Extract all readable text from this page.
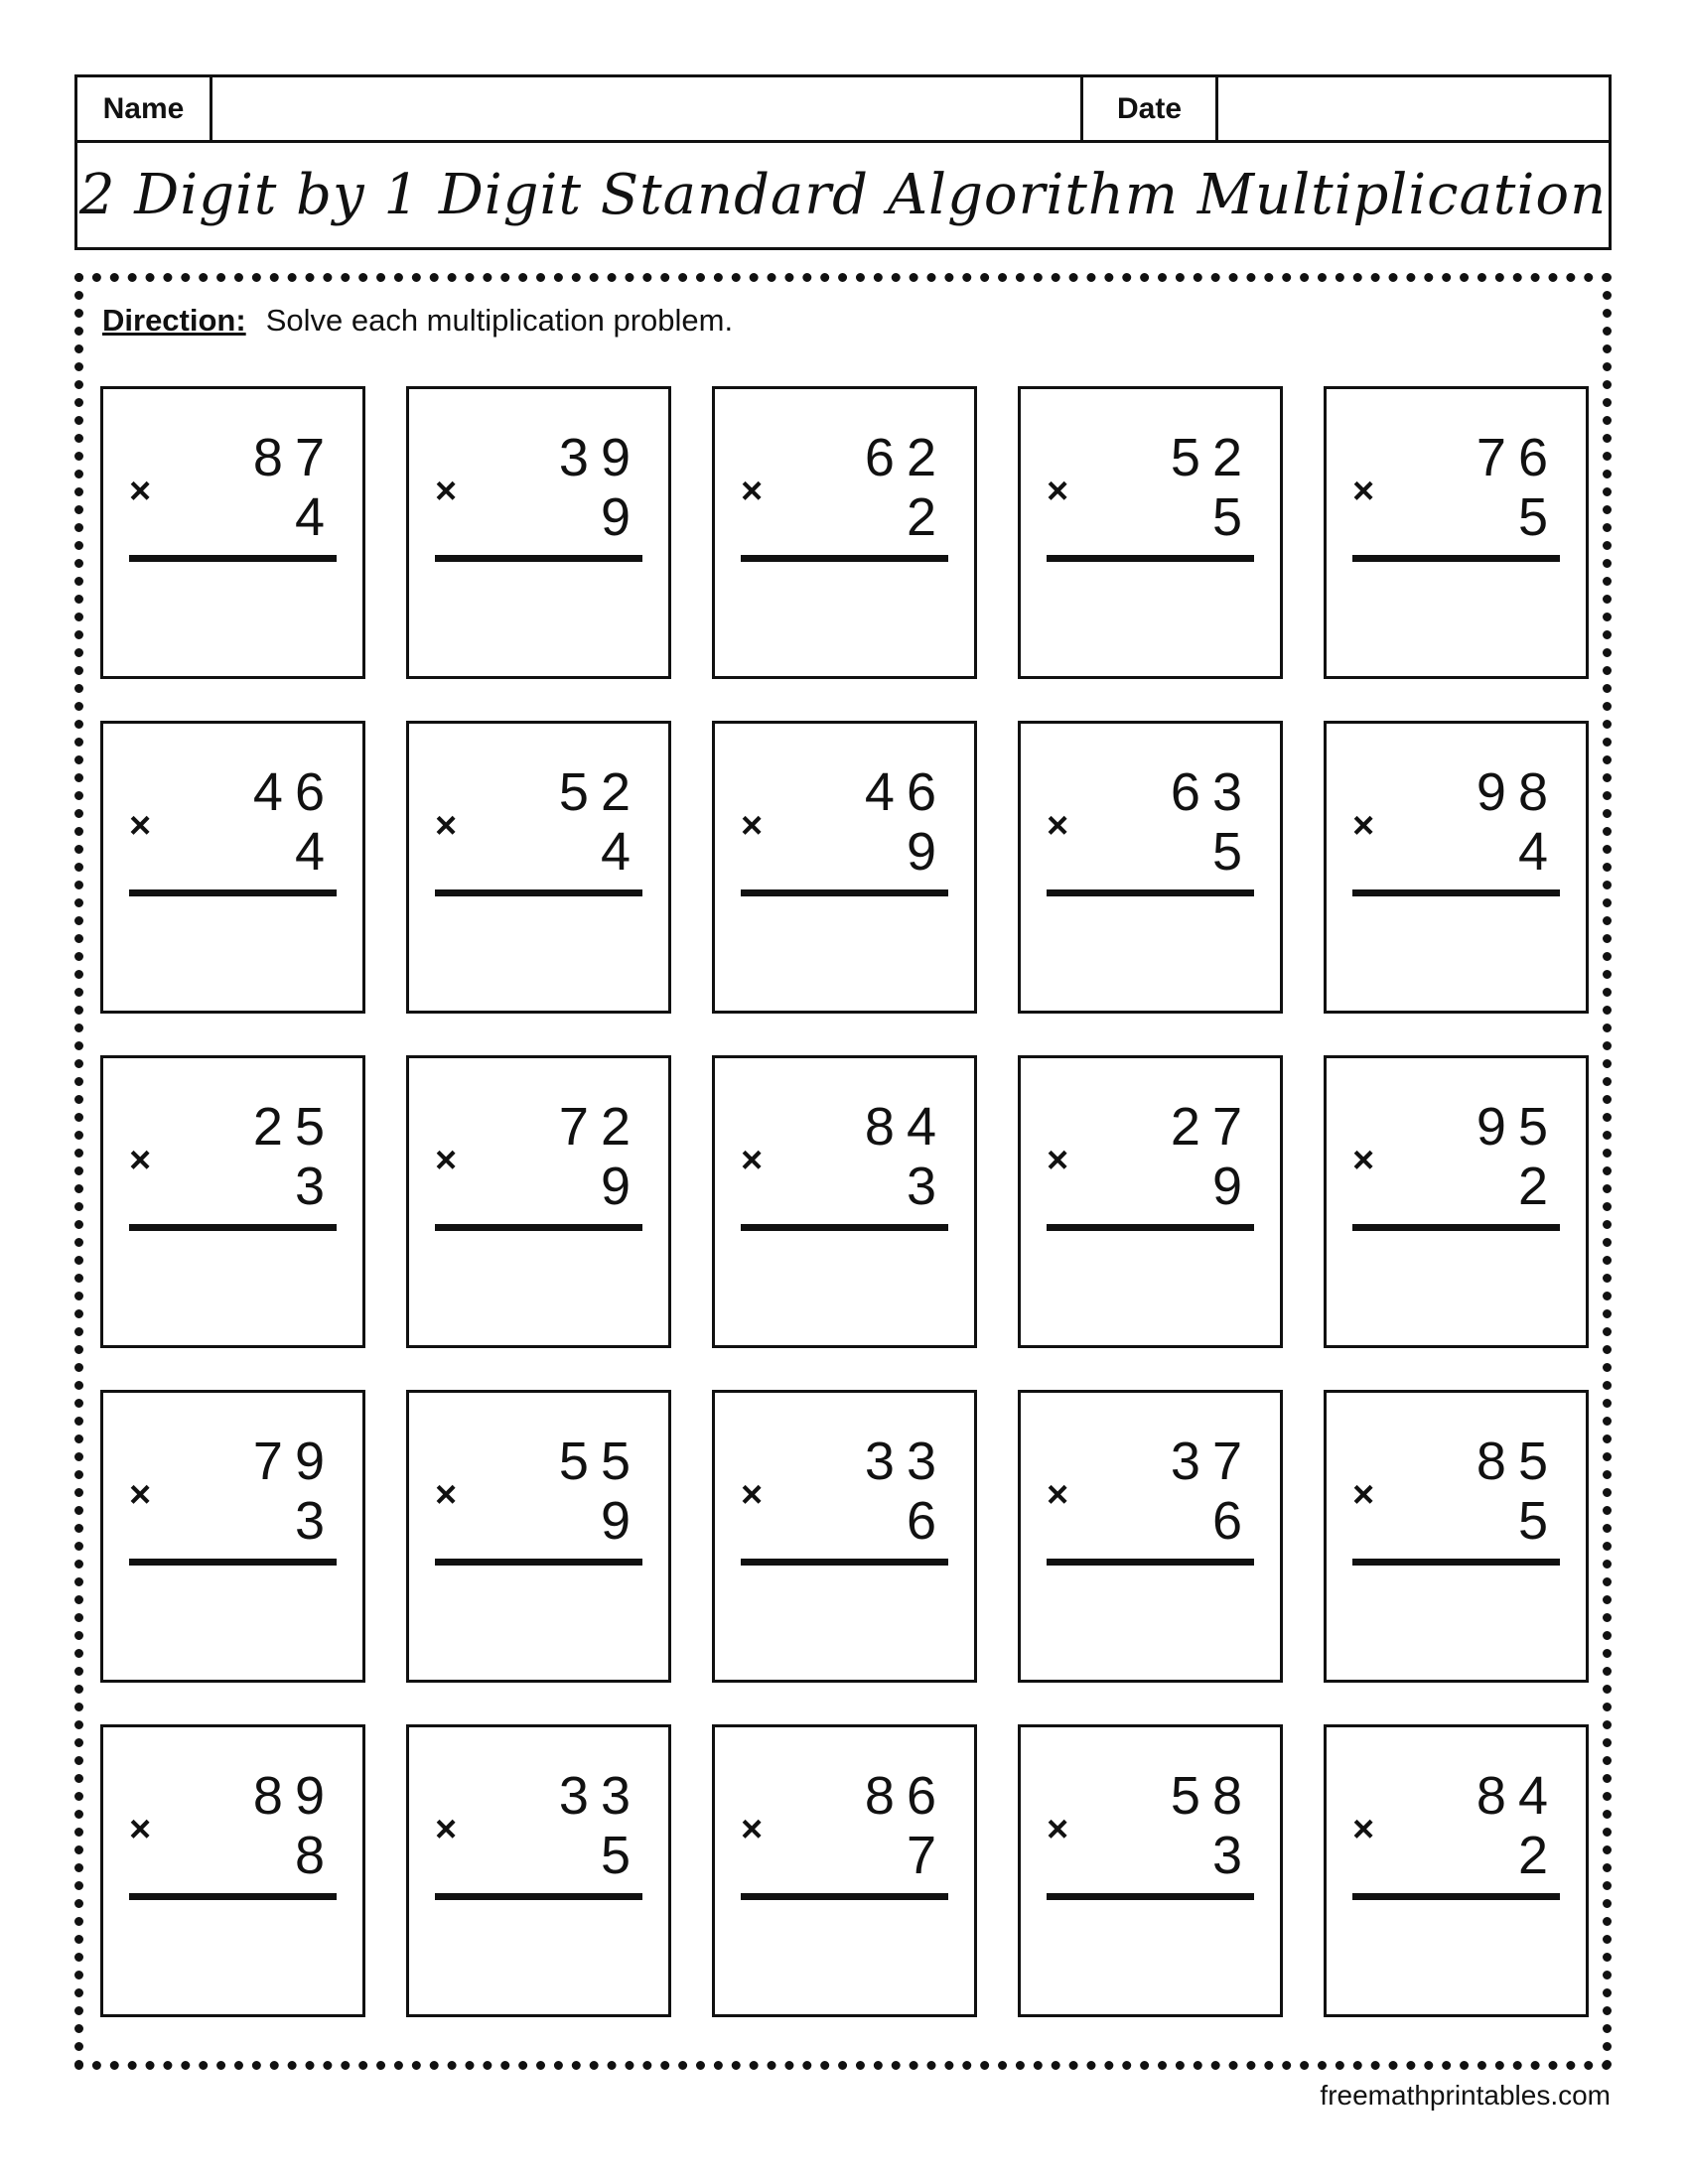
Name	Date
2 Digit by 1 Digit Standard Algorithm Multiplication
Direction: Solve each multiplication problem.
×
87
4	×
39
9	×
62
2	×
52
5	×
76
5
×
46
4	×
52
4	×
46
9	×
63
5	×
98
4
×
25
3	×
72
9	×
84
3	×
27
9	×
95
2
×
79
3	×
55
9	×
33
6	×
37
6	×
85
5
×
89
8	×
33
5	×
86
7	×
58
3	×
84
2
freemathprintables.com
